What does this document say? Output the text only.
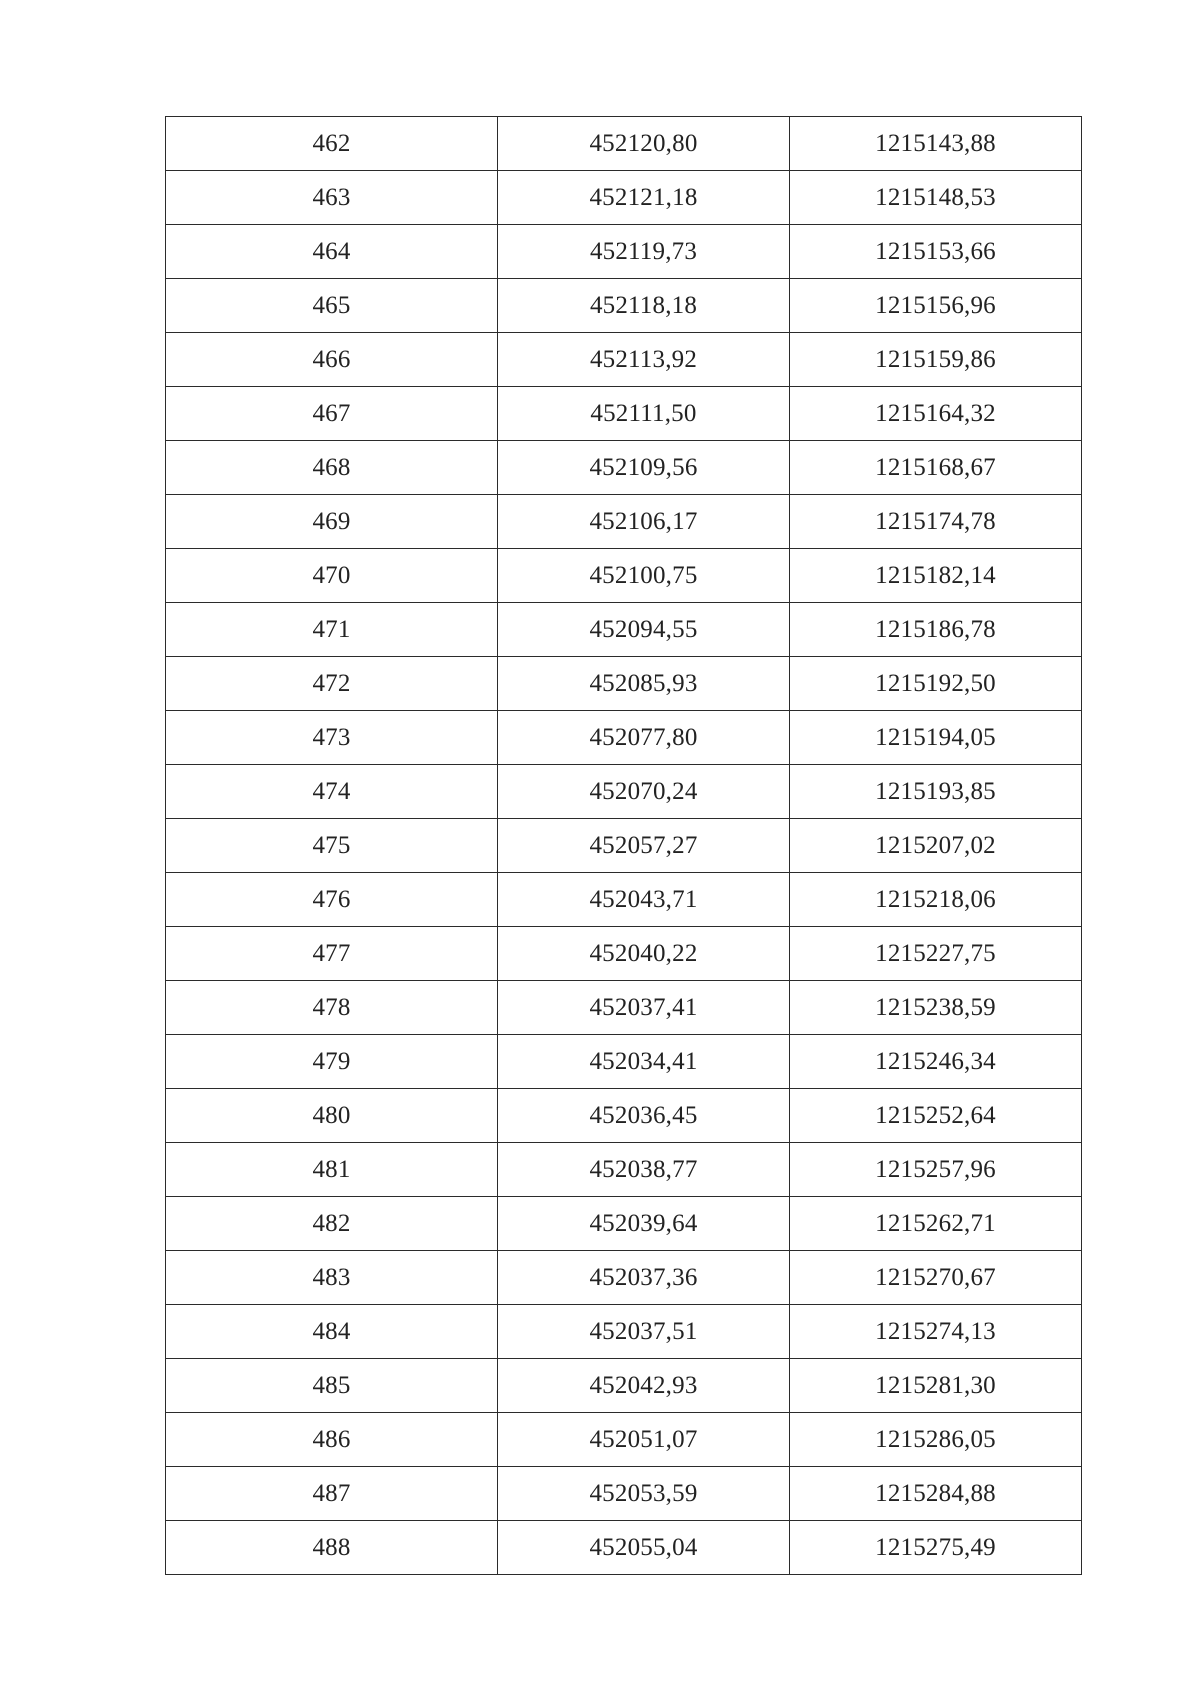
462	452120,80	1215143,88
463	452121,18	1215148,53
464	452119,73	1215153,66
465	452118,18	1215156,96
466	452113,92	1215159,86
467	452111,50	1215164,32
468	452109,56	1215168,67
469	452106,17	1215174,78
470	452100,75	1215182,14
471	452094,55	1215186,78
472	452085,93	1215192,50
473	452077,80	1215194,05
474	452070,24	1215193,85
475	452057,27	1215207,02
476	452043,71	1215218,06
477	452040,22	1215227,75
478	452037,41	1215238,59
479	452034,41	1215246,34
480	452036,45	1215252,64
481	452038,77	1215257,96
482	452039,64	1215262,71
483	452037,36	1215270,67
484	452037,51	1215274,13
485	452042,93	1215281,30
486	452051,07	1215286,05
487	452053,59	1215284,88
488	452055,04	1215275,49
